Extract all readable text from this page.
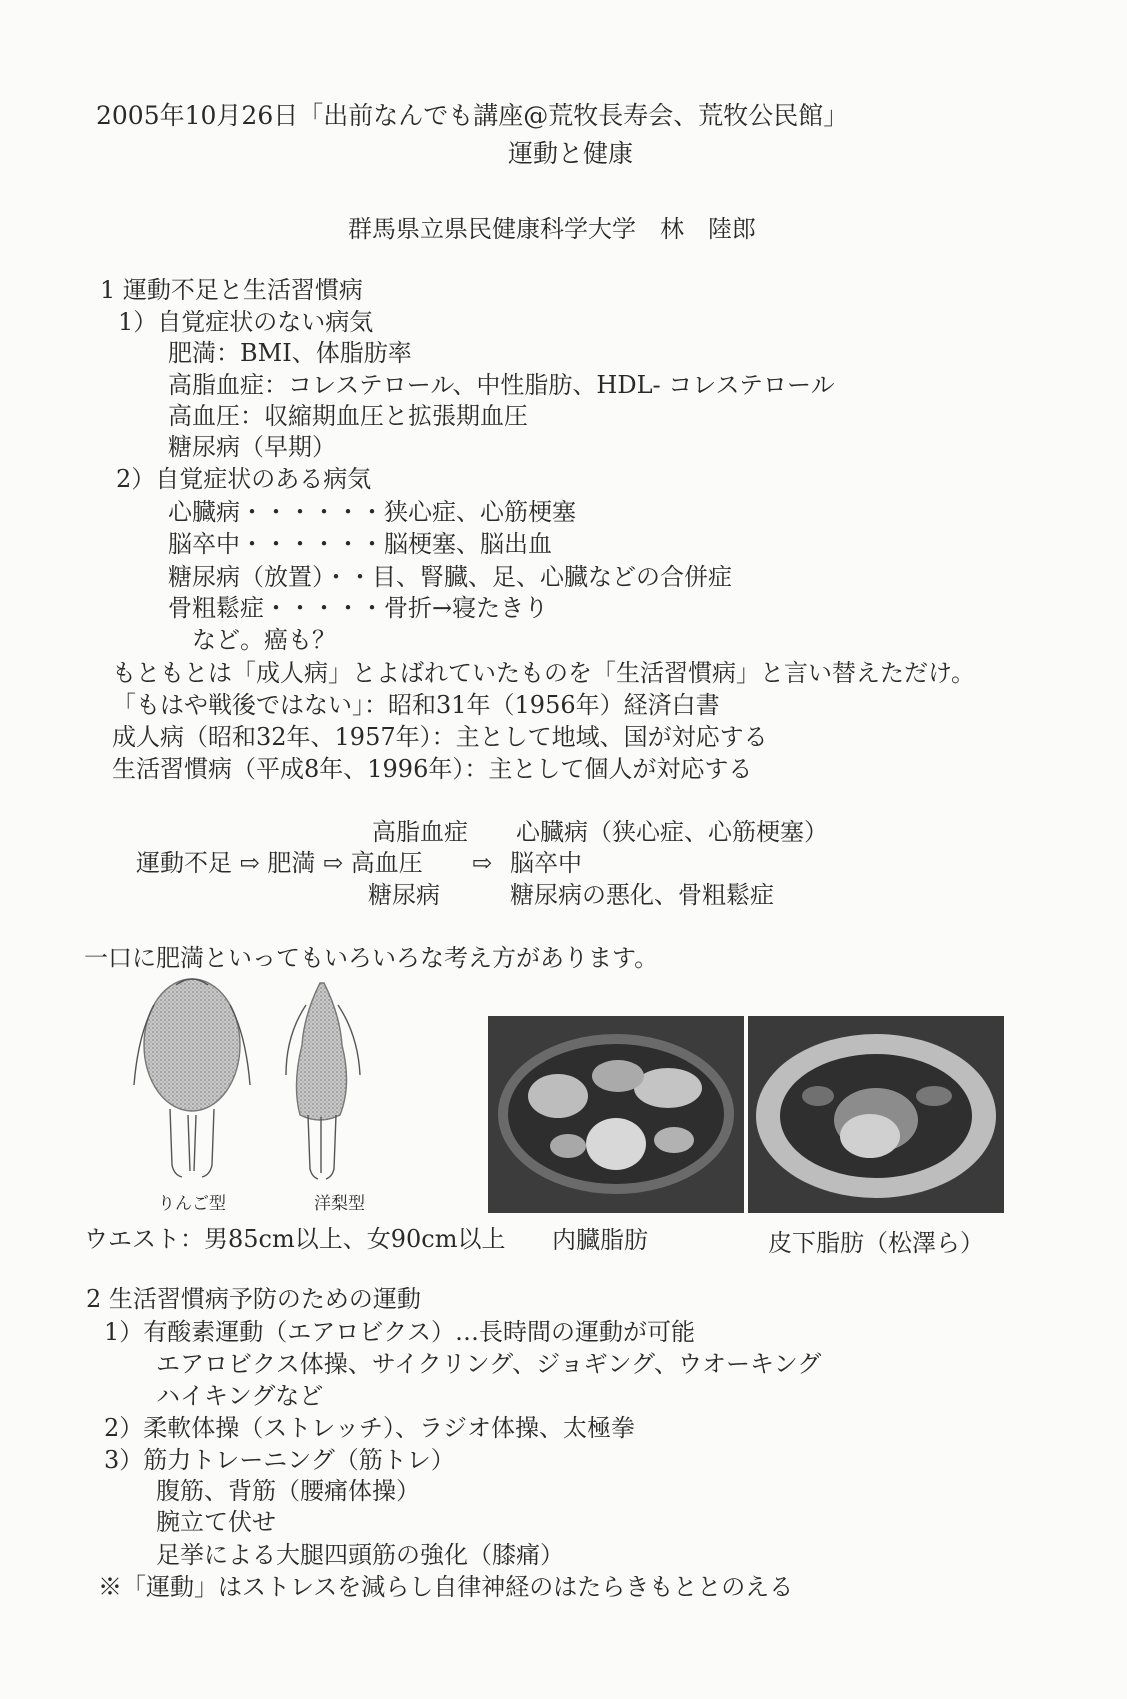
2005年10月26日「出前なんでも講座@荒牧長寿会、荒牧公民館」
運動と健康
群馬県立県民健康科学大学　林　陸郎
1 運動不足と生活習慣病
1）自覚症状のない病気
肥満：BMI、体脂肪率
高脂血症：コレステロール、中性脂肪、HDL- コレステロール
高血圧：収縮期血圧と拡張期血圧
糖尿病（早期）
2）自覚症状のある病気
心臓病・・・・・・狭心症、心筋梗塞
脳卒中・・・・・・脳梗塞、脳出血
糖尿病（放置）・・目、腎臓、足、心臓などの合併症
骨粗鬆症・・・・・骨折→寝たきり
など。癌も？
もともとは「成人病」とよばれていたものを「生活習慣病」と言い替えただけ。
「もはや戦後ではない」：昭和31年（1956年）経済白書
成人病（昭和32年、1957年）：主として地域、国が対応する
生活習慣病（平成8年、1996年）：主として個人が対応する
高脂血症 心臓病（狭心症、心筋梗塞）
運動不足 ⇨ 肥満 ⇨ 高血圧 ⇨ 脳卒中
糖尿病	糖尿病の悪化、骨粗鬆症
一口に肥満といってもいろいろな考え方があります。
りんご型	洋梨型
ウエスト：男85cm以上、女90cm以上 内臓脂肪	皮下脂肪（松澤ら）
2 生活習慣病予防のための運動
1）有酸素運動（エアロビクス）…長時間の運動が可能
エアロビクス体操、サイクリング、ジョギング、ウオーキング
ハイキングなど
2）柔軟体操（ストレッチ）、ラジオ体操、太極拳
3）筋力トレーニング（筋トレ）
腹筋、背筋（腰痛体操）
腕立て伏せ
足挙による大腿四頭筋の強化（膝痛）
※「運動」はストレスを減らし自律神経のはたらきもととのえる
